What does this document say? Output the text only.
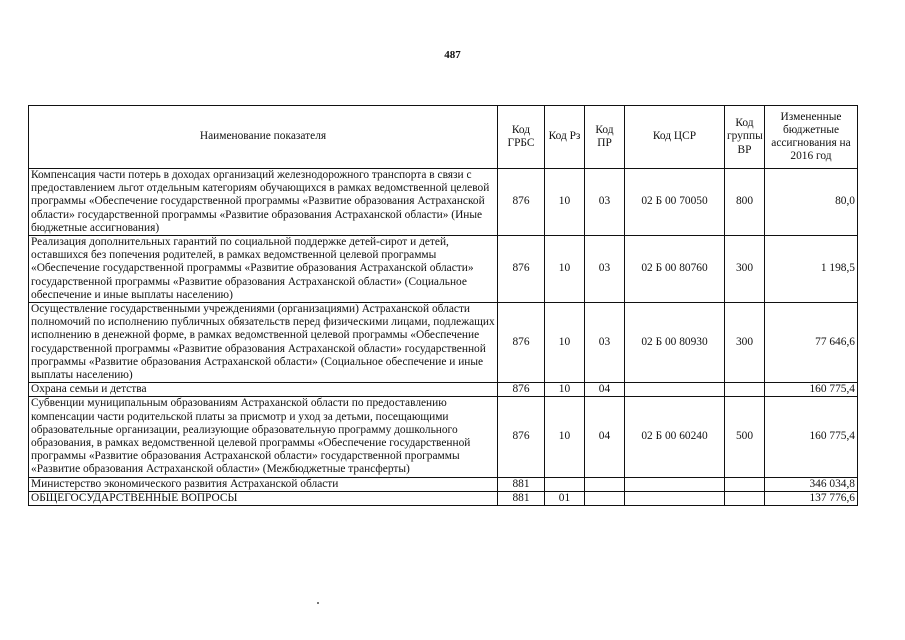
487
Наименование показателя	Код ГРБС	Код Рз	Код ПР	Код ЦСР	Код группы ВР	Измененные бюджетные ассигнования на 2016 год
Компенсация части потерь в доходах организаций железнодорожного транспорта в связи с предоставлением льгот отдельным категориям обучающихся в рамках ведомственной целевой программы «Обеспечение государственной программы «Развитие образования Астраханской области» государственной программы «Развитие образования Астраханской области» (Иные бюджетные ассигнования)	876	10	03	02 Б 00 70050	800	80,0
Реализация дополнительных гарантий по социальной поддержке детей-сирот и детей, оставшихся без попечения родителей, в рамках ведомственной целевой программы «Обеспечение государственной программы «Развитие образования Астраханской области» государственной программы «Развитие образования Астраханской области» (Социальное обеспечение и иные выплаты населению)	876	10	03	02 Б 00 80760	300	1 198,5
Осуществление государственными учреждениями (организациями) Астраханской области полномочий по исполнению публичных обязательств перед физическими лицами, подлежащих исполнению в денежной форме, в рамках ведомственной целевой программы «Обеспечение государственной программы «Развитие образования Астраханской области» государственной программы «Развитие образования Астраханской области» (Социальное обеспечение и иные выплаты населению)	876	10	03	02 Б 00 80930	300	77 646,6
Охрана семьи и детства	876	10	04			160 775,4
Субвенции муниципальным образованиям Астраханской области по предоставлению компенсации части родительской платы за присмотр и уход за детьми, посещающими образовательные организации, реализующие образовательную программу дошкольного образования, в рамках ведомственной целевой программы «Обеспечение государственной программы «Развитие образования Астраханской области» государственной программы «Развитие образования Астраханской области» (Межбюджетные трансферты)	876	10	04	02 Б 00 60240	500	160 775,4
Министерство экономического развития Астраханской области	881					346 034,8
ОБЩЕГОСУДАРСТВЕННЫЕ ВОПРОСЫ	881	01				137 776,6
